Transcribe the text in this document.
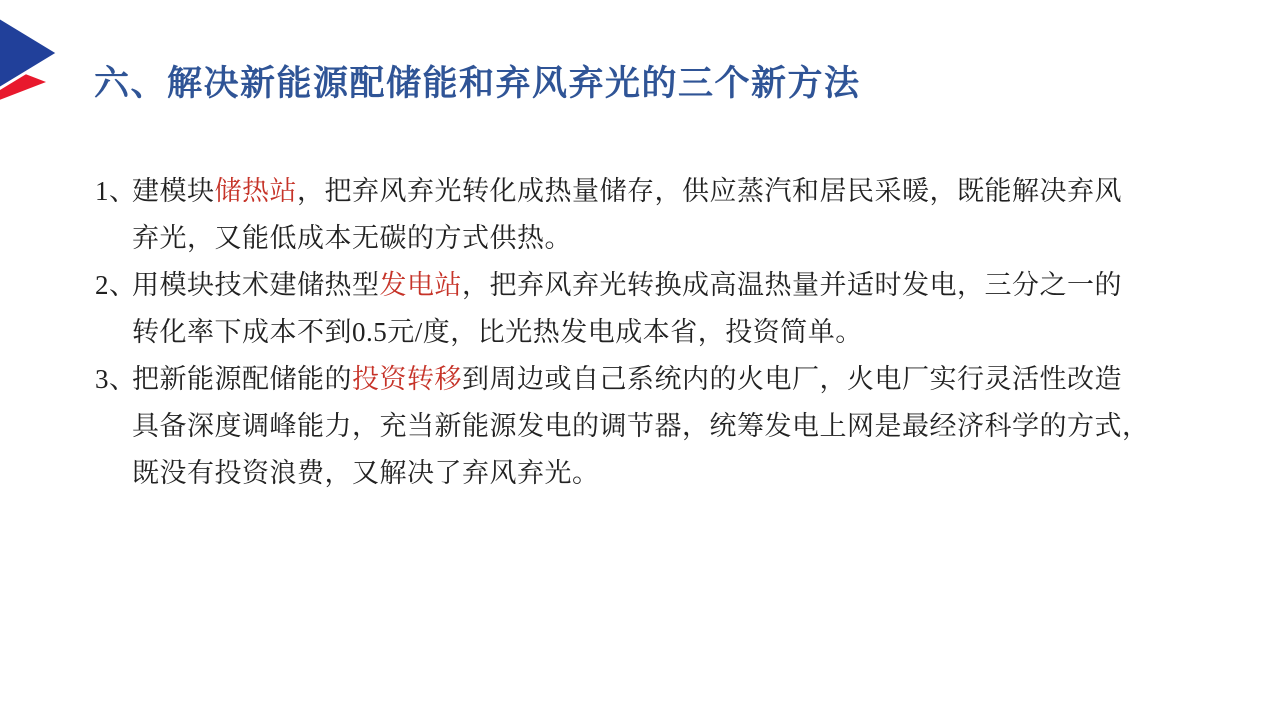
六、解决新能源配储能和弃风弃光的三个新方法
1、建模块储热站，把弃风弃光转化成热量储存，供应蒸汽和居民采暖，既能解决弃风
弃光，又能低成本无碳的方式供热。
2、用模块技术建储热型发电站，把弃风弃光转换成高温热量并适时发电，三分之一的
转化率下成本不到0.5元/度，比光热发电成本省，投资简单。
3、把新能源配储能的投资转移到周边或自己系统内的火电厂，火电厂实行灵活性改造
具备深度调峰能力，充当新能源发电的调节器，统筹发电上网是最经济科学的方式，
既没有投资浪费，又解决了弃风弃光。
